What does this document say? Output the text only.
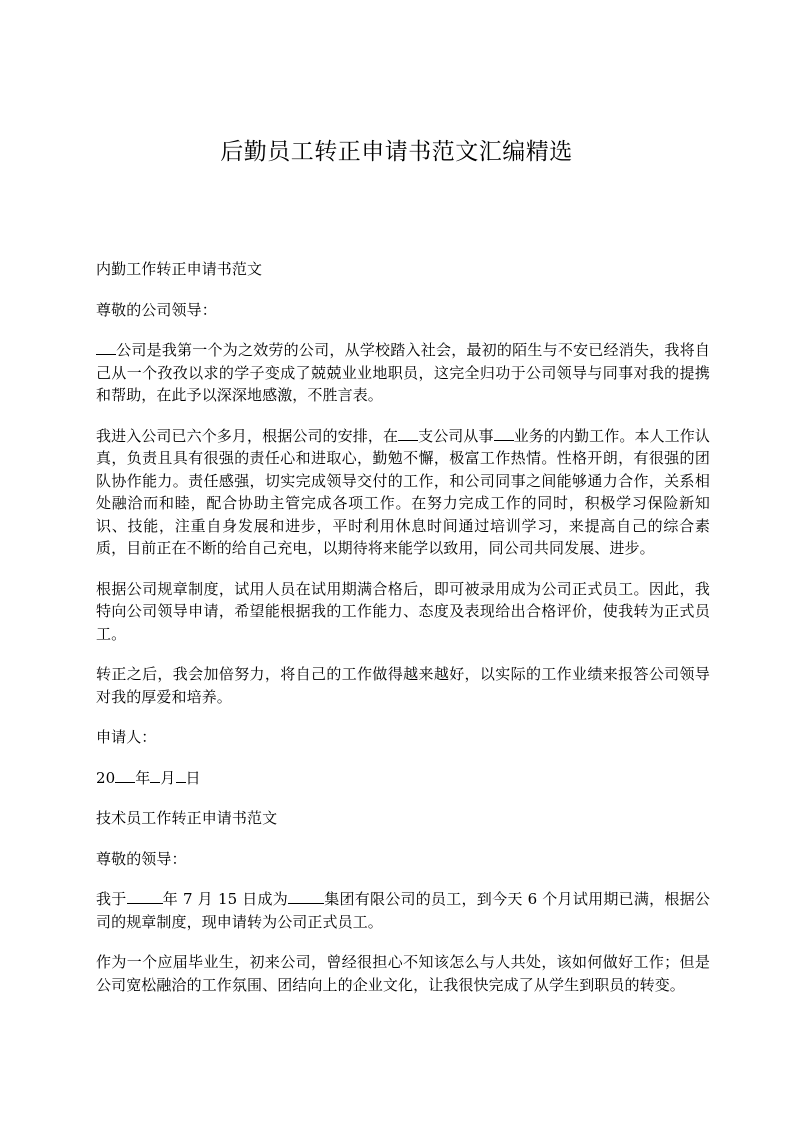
后勤员工转正申请书范文汇编精选

内勤工作转正申请书范文

尊敬的公司领导：

公司是我第一个为之效劳的公司，从学校踏入社会，最初的陌生与不安已经消失，我将自己从一个孜孜以求的学子变成了兢兢业业地职员，这完全归功于公司领导与同事对我的提携和帮助，在此予以深深地感激，不胜言表。

我进入公司已六个多月，根据公司的安排，在 支公司从事 业务的内勤工作。本人工作认真，负责且具有很强的责任心和进取心，勤勉不懈，极富工作热情。性格开朗，有很强的团队协作能力。责任感强，切实完成领导交付的工作，和公司同事之间能够通力合作，关系相处融洽而和睦，配合协助主管完成各项工作。在努力完成工作的同时，积极学习保险新知识、技能，注重自身发展和进步，平时利用休息时间通过培训学习，来提高自己的综合素质，目前正在不断的给自己充电，以期待将来能学以致用，同公司共同发展、进步。

根据公司规章制度，试用人员在试用期满合格后，即可被录用成为公司正式员工。因此，我特向公司领导申请，希望能根据我的工作能力、态度及表现给出合格评价，使我转为正式员工。

转正之后，我会加倍努力，将自己的工作做得越来越好，以实际的工作业绩来报答公司领导对我的厚爱和培养。

申请人：

20 年 月 日

技术员工作转正申请书范文

尊敬的领导：

我于 年 7 月 15 日成为 集团有限公司的员工，到今天 6 个月试用期已满，根据公司的规章制度，现申请转为公司正式员工。

作为一个应届毕业生，初来公司，曾经很担心不知该怎么与人共处，该如何做好工作；但是公司宽松融洽的工作氛围、团结向上的企业文化，让我很快完成了从学生到职员的转变。
